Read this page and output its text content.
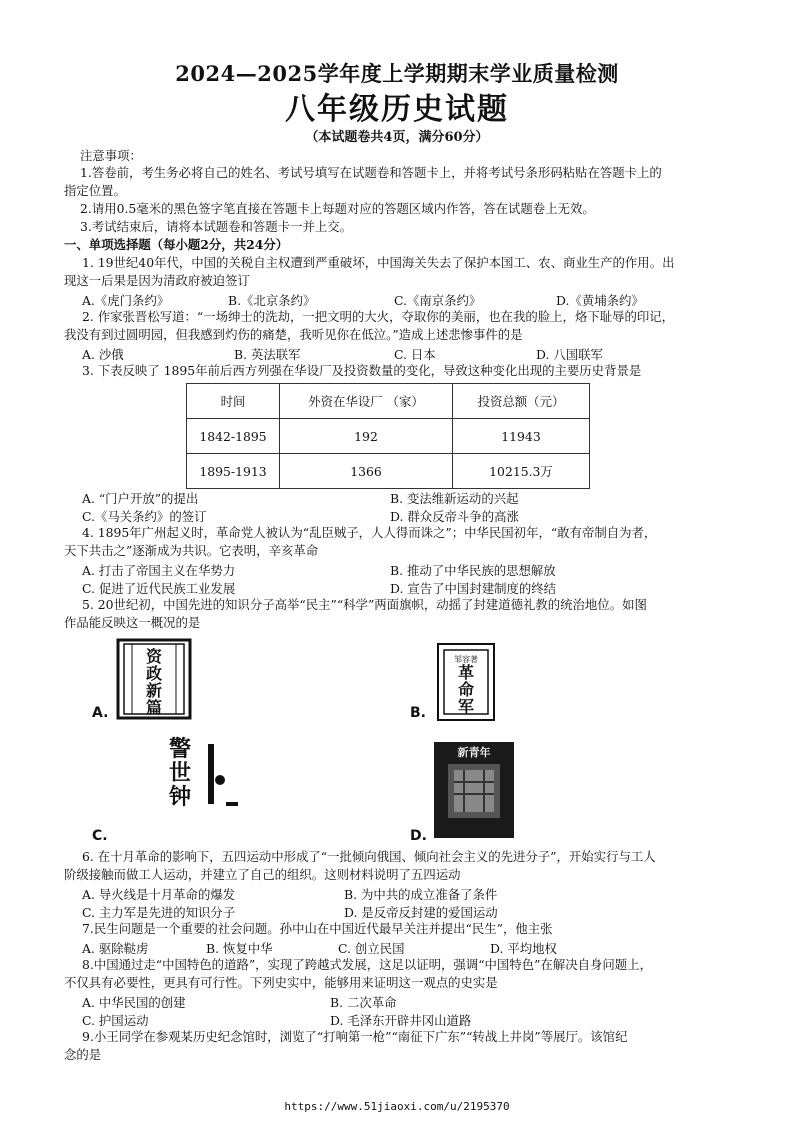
2024—2025学年度上学期期末学业质量检测
八年级历史试题
（本试题卷共4页，满分60分）
注意事项：
1.答卷前，考生务必将自己的姓名、考试号填写在试题卷和答题卡上，并将考试号条形码粘贴在答题卡上的
指定位置。
2.请用0.5毫米的黑色签字笔直接在答题卡上每题对应的答题区域内作答，答在试题卷上无效。
3.考试结束后，请将本试题卷和答题卡一并上交。
一、单项选择题（每小题2分，共24分）
1. 19世纪40年代，中国的关税自主权遭到严重破坏，中国海关失去了保护本国工、农、商业生产的作用。出
现这一后果是因为清政府被迫签订
A.《虎门条约》	B.《北京条约》	C.《南京条约》	D.《黄埔条约》
2. 作家张晋松写道：“一场绅士的洗劫，一把文明的大火，夺取你的美丽，也在我的脸上，烙下耻辱的印记，
我没有到过圆明园，但我感到灼伤的痛楚，我听见你在低泣。”造成上述悲惨事件的是
A. 沙俄	B. 英法联军	C. 日本	D. 八国联军
3. 下表反映了 1895年前后西方列强在华设厂及投资数量的变化，导致这种变化出现的主要历史背景是
时间	外资在华设厂 （家）	投资总额（元）
1842-1895	192	11943
1895-1913	1366	10215.3万
A. “门户开放”的提出	B. 变法维新运动的兴起
C.《马关条约》的签订	D. 群众反帝斗争的高涨
4. 1895年广州起义时，革命党人被认为“乱臣贼子，人人得而诛之”；中华民国初年，“敢有帝制自为者，
天下共击之”逐渐成为共识。它表明，辛亥革命
A. 打击了帝国主义在华势力	B. 推动了中华民族的思想解放
C. 促进了近代民族工业发展	D. 宣告了中国封建制度的终结
5. 20世纪初，中国先进的知识分子高举“民主”“科学”两面旗帜，动摇了封建道德礼教的统治地位。如图
作品能反映这一概况的是
A.
资政新篇	B.
邹容著
革命军
C.
警世钟
D.
新青年
6. 在十月革命的影响下，五四运动中形成了“一批倾向俄国、倾向社会主义的先进分子”，开始实行与工人
阶级接触而做工人运动，并建立了自己的组织。这则材料说明了五四运动
A. 导火线是十月革命的爆发	B. 为中共的成立准备了条件
C. 主力军是先进的知识分子	D. 是反帝反封建的爱国运动
7.民生问题是一个重要的社会问题。孙中山在中国近代最早关注并提出“民生”，他主张
A. 驱除鞑虏	B. 恢复中华	C. 创立民国	D. 平均地权
8.中国通过走“中国特色的道路”，实现了跨越式发展，这足以证明，强调“中国特色”在解决自身问题上，
不仅具有必要性，更具有可行性。下列史实中，能够用来证明这一观点的史实是
A. 中华民国的创建	B. 二次革命
C. 护国运动	D. 毛泽东开辟井冈山道路
9.小王同学在参观某历史纪念馆时，浏览了“打响第一枪”“南征下广东”“转战上井岗”等展厅。该馆纪
念的是
https://www.51jiaoxi.com/u/2195370
